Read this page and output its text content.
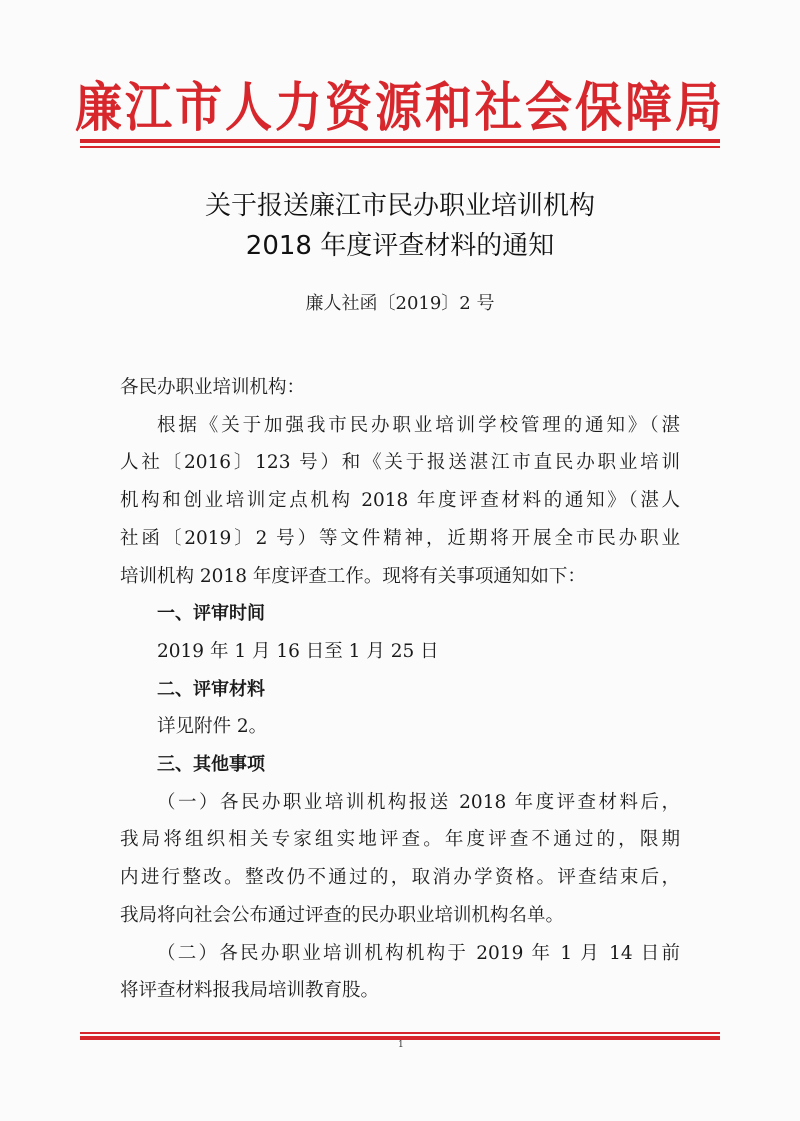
廉江市人力资源和社会保障局
关于报送廉江市民办职业培训机构
2018 年度评查材料的通知
廉人社函〔2019〕2 号
各民办职业培训机构：
根据《关于加强我市民办职业培训学校管理的通知》（湛
人社〔2016〕123 号）和《关于报送湛江市直民办职业培训
机构和创业培训定点机构 2018 年度评查材料的通知》（湛人
社函〔2019〕2 号）等文件精神，近期将开展全市民办职业
培训机构 2018 年度评查工作。现将有关事项通知如下：
一、评审时间
2019 年 1 月 16 日至 1 月 25 日
二、评审材料
详见附件 2。
三、其他事项
（一）各民办职业培训机构报送 2018 年度评查材料后，
我局将组织相关专家组实地评查。年度评查不通过的，限期
内进行整改。整改仍不通过的，取消办学资格。评查结束后，
我局将向社会公布通过评查的民办职业培训机构名单。
（二）各民办职业培训机构机构于 2019 年 1 月 14 日前
将评查材料报我局培训教育股。
1
